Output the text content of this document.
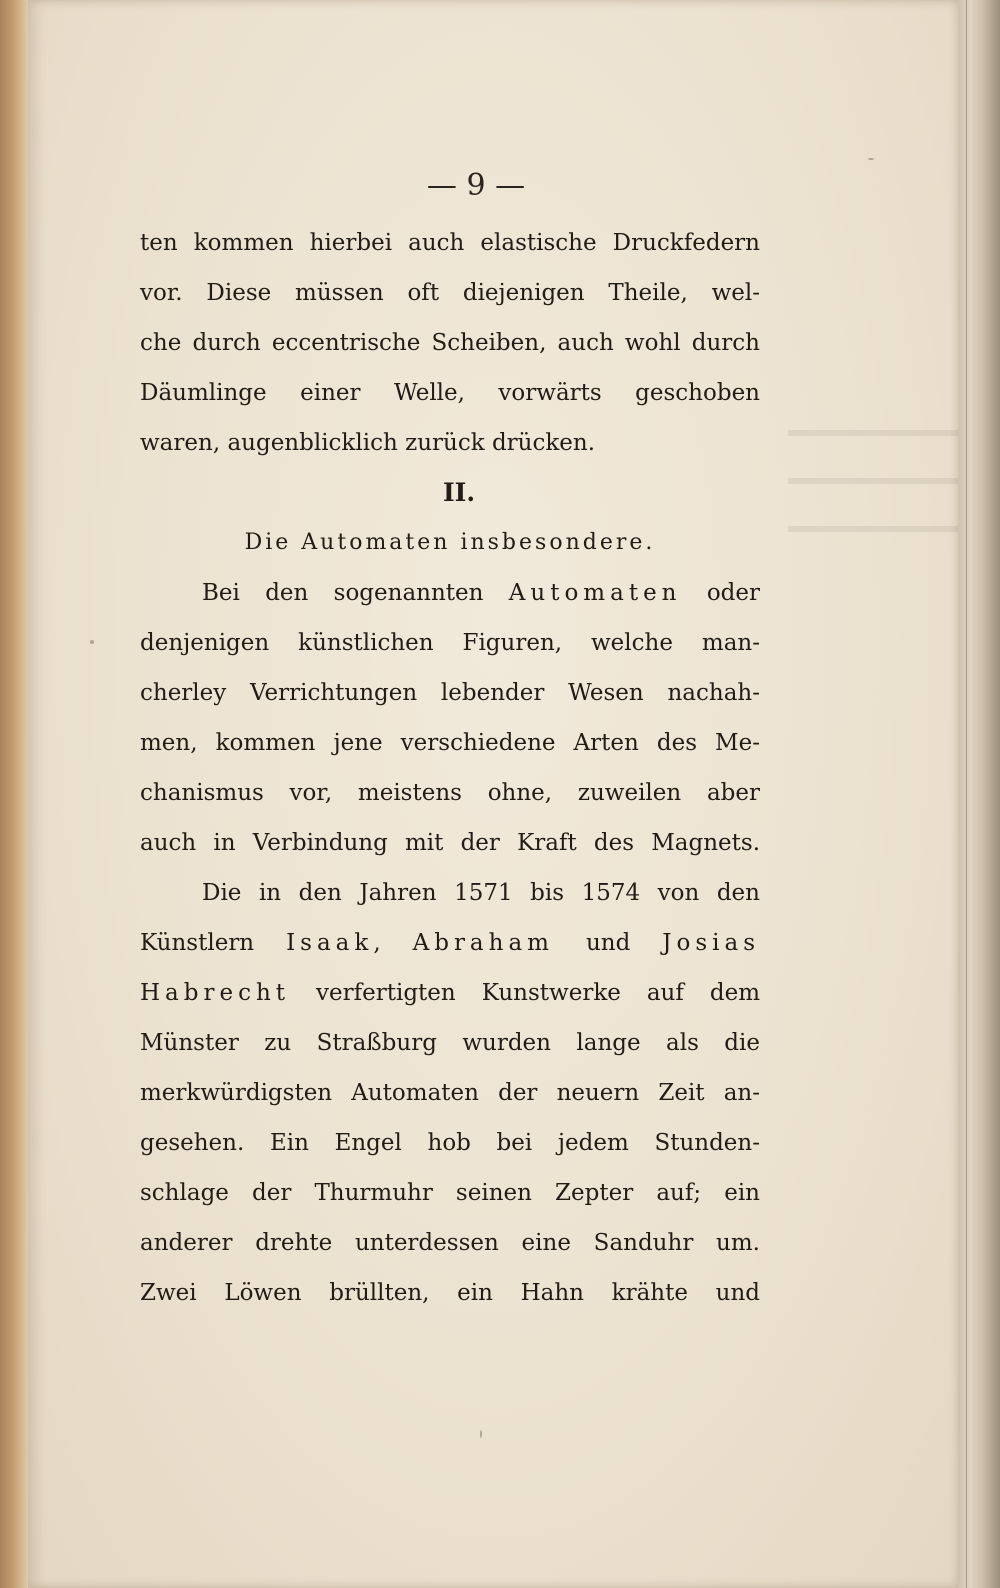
— 9 —
ten kommen hierbei auch elastische Druckfedern
vor. Diese müssen oft diejenigen Theile, wel-
che durch eccentrische Scheiben, auch wohl durch
Däumlinge einer Welle, vorwärts geschoben
waren, augenblicklich zurück drücken.
II.
Die Automaten insbesondere.
Bei den sogenannten Automaten oder
denjenigen künstlichen Figuren, welche man-
cherley Verrichtungen lebender Wesen nachah-
men, kommen jene verschiedene Arten des Me-
chanismus vor, meistens ohne, zuweilen aber
auch in Verbindung mit der Kraft des Magnets.
Die in den Jahren 1571 bis 1574 von den
Künstlern Isaak, Abraham und Josias
Habrecht verfertigten Kunstwerke auf dem
Münster zu Straßburg wurden lange als die
merkwürdigsten Automaten der neuern Zeit an-
gesehen. Ein Engel hob bei jedem Stunden-
schlage der Thurmuhr seinen Zepter auf; ein
anderer drehte unterdessen eine Sanduhr um.
Zwei Löwen brüllten, ein Hahn krähte und
